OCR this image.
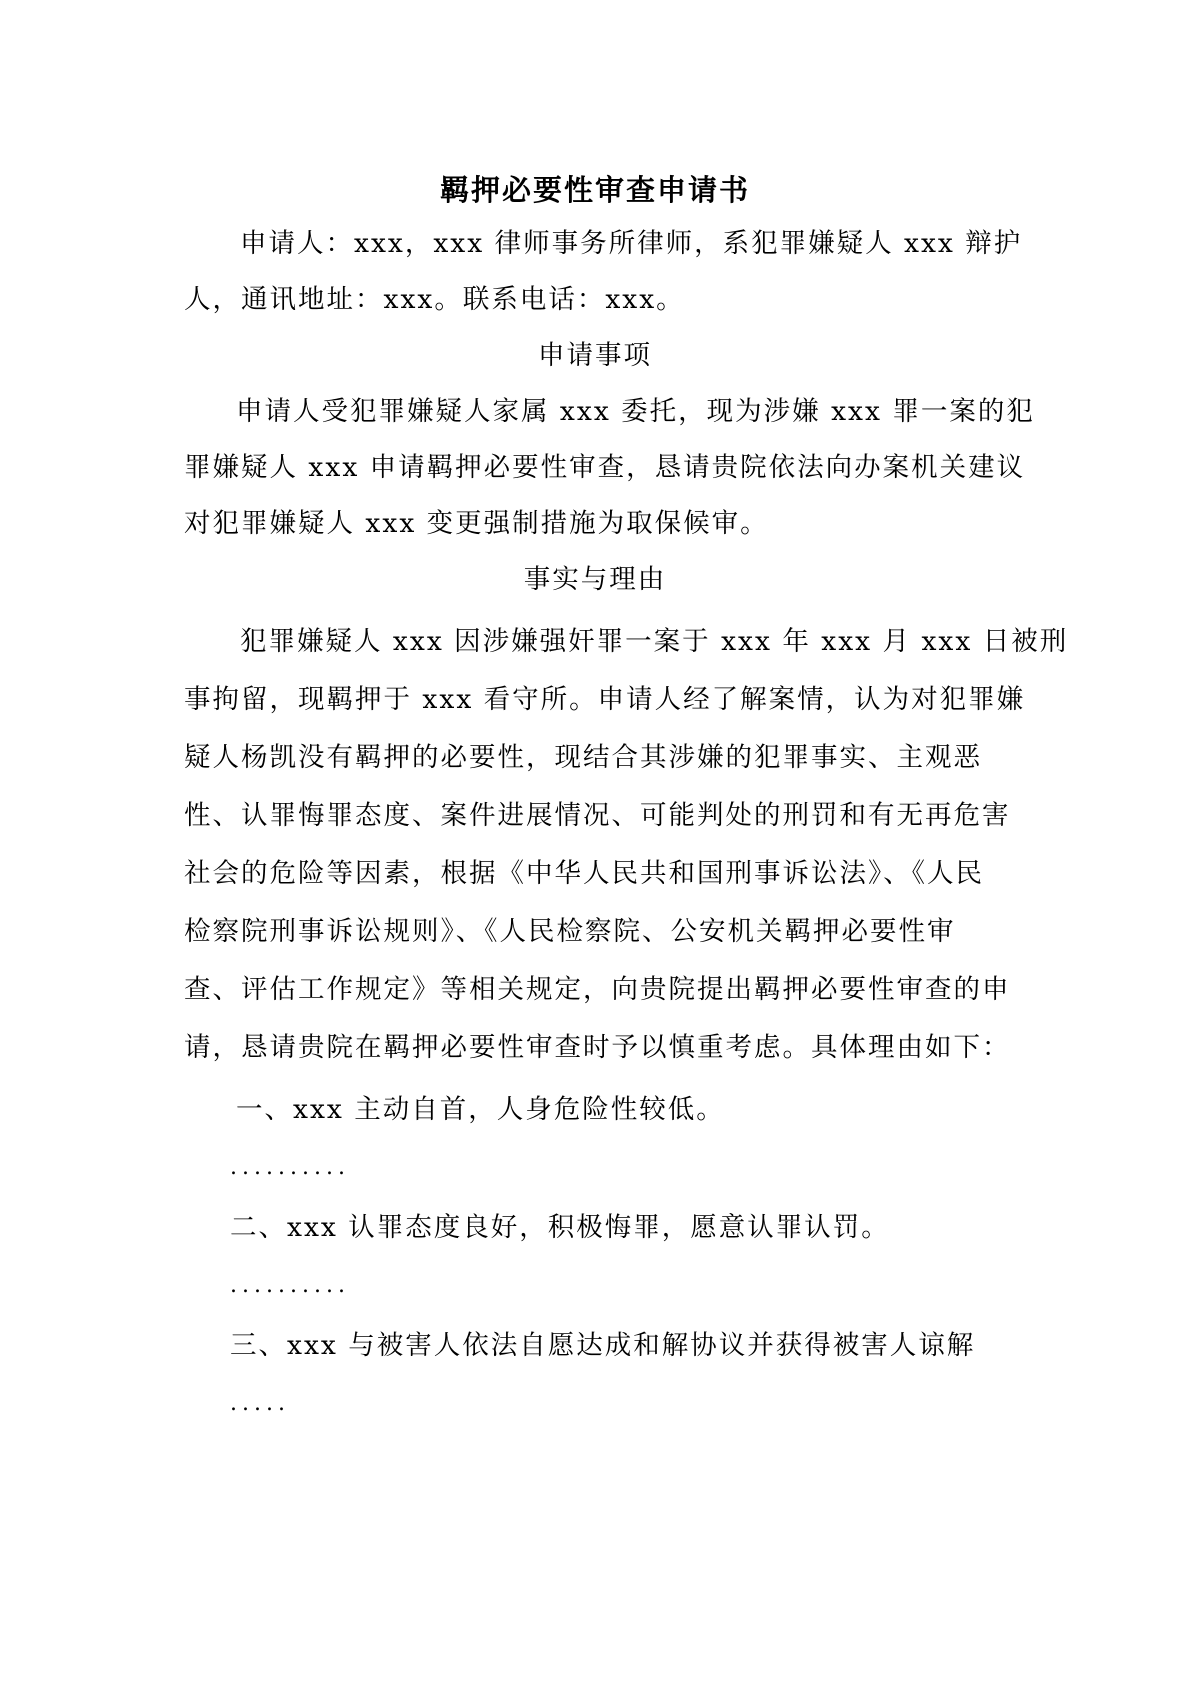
羁押必要性审查申请书
申请人：xxx，xxx 律师事务所律师，系犯罪嫌疑人 xxx 辩护
人，通讯地址：xxx。联系电话：xxx。
申请事项
申请人受犯罪嫌疑人家属 xxx 委托，现为涉嫌 xxx 罪一案的犯
罪嫌疑人 xxx 申请羁押必要性审查，恳请贵院依法向办案机关建议
对犯罪嫌疑人 xxx 变更强制措施为取保候审。
事实与理由
犯罪嫌疑人 xxx 因涉嫌强奸罪一案于 xxx 年 xxx 月 xxx 日被刑
事拘留，现羁押于 xxx 看守所。申请人经了解案情，认为对犯罪嫌
疑人杨凯没有羁押的必要性，现结合其涉嫌的犯罪事实、主观恶
性、认罪悔罪态度、案件进展情况、可能判处的刑罚和有无再危害
社会的危险等因素，根据《中华人民共和国刑事诉讼法》、《人民
检察院刑事诉讼规则》、《人民检察院、公安机关羁押必要性审
查、评估工作规定》等相关规定，向贵院提出羁押必要性审查的申
请，恳请贵院在羁押必要性审查时予以慎重考虑。具体理由如下：
一、xxx 主动自首，人身危险性较低。
..........
二、xxx 认罪态度良好，积极悔罪，愿意认罪认罚。
..........
三、xxx 与被害人依法自愿达成和解协议并获得被害人谅解
.....
